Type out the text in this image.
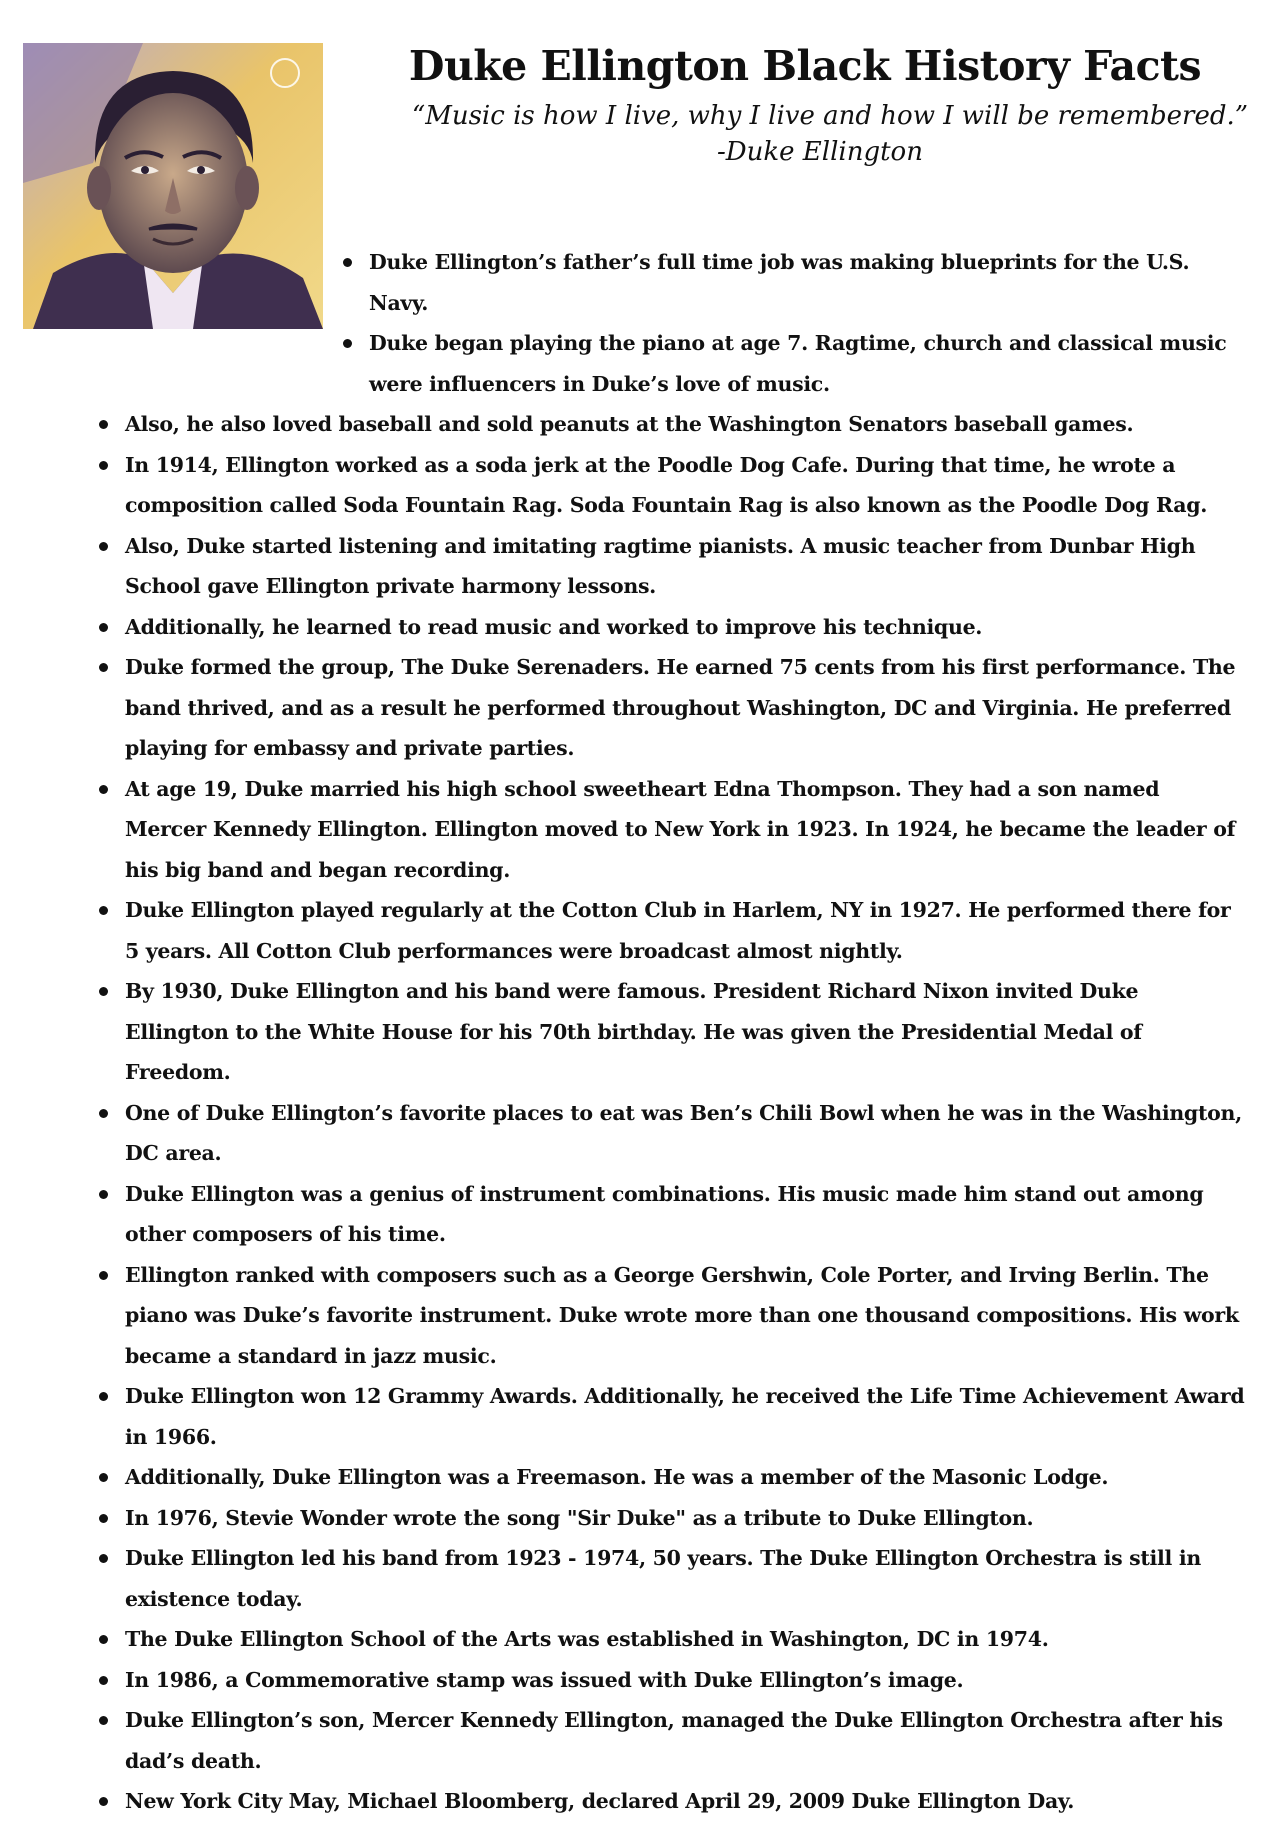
Duke Ellington Black History Facts

“Music is how I live, why I live and how I will be remembered.”
-Duke Ellington

Duke Ellington’s father’s full time job was making blueprints for the U.S. Navy.
Duke began playing the piano at age 7. Ragtime, church and classical music were influencers in Duke’s love of music.
Also, he also loved baseball and sold peanuts at the Washington Senators baseball games.
In 1914, Ellington worked as a soda jerk at the Poodle Dog Cafe. During that time, he wrote a composition called Soda Fountain Rag. Soda Fountain Rag is also known as the Poodle Dog Rag.
Also, Duke started listening and imitating ragtime pianists. A music teacher from Dunbar High School gave Ellington private harmony lessons.
Additionally, he learned to read music and worked to improve his technique.
Duke formed the group, The Duke Serenaders. He earned 75 cents from his first performance. The band thrived, and as a result he performed throughout Washington, DC and Virginia. He preferred playing for embassy and private parties.
At age 19, Duke married his high school sweetheart Edna Thompson. They had a son named Mercer Kennedy Ellington. Ellington moved to New York in 1923. In 1924, he became the leader of his big band and began recording.
Duke Ellington played regularly at the Cotton Club in Harlem, NY in 1927. He performed there for 5 years. All Cotton Club performances were broadcast almost nightly.
By 1930, Duke Ellington and his band were famous. President Richard Nixon invited Duke Ellington to the White House for his 70th birthday. He was given the Presidential Medal of Freedom.
One of Duke Ellington’s favorite places to eat was Ben’s Chili Bowl when he was in the Washington, DC area.
Duke Ellington was a genius of instrument combinations. His music made him stand out among other composers of his time.
Ellington ranked with composers such as a George Gershwin, Cole Porter, and Irving Berlin. The piano was Duke’s favorite instrument. Duke wrote more than one thousand compositions. His work became a standard in jazz music.
Duke Ellington won 12 Grammy Awards. Additionally, he received the Life Time Achievement Award in 1966.
Additionally, Duke Ellington was a Freemason. He was a member of the Masonic Lodge.
In 1976, Stevie Wonder wrote the song "Sir Duke" as a tribute to Duke Ellington.
Duke Ellington led his band from 1923 - 1974, 50 years. The Duke Ellington Orchestra is still in existence today.
The Duke Ellington School of the Arts was established in Washington, DC in 1974.
In 1986, a Commemorative stamp was issued with Duke Ellington’s image.
Duke Ellington’s son, Mercer Kennedy Ellington, managed the Duke Ellington Orchestra after his dad’s death.
New York City May, Michael Bloomberg, declared April 29, 2009 Duke Ellington Day.
